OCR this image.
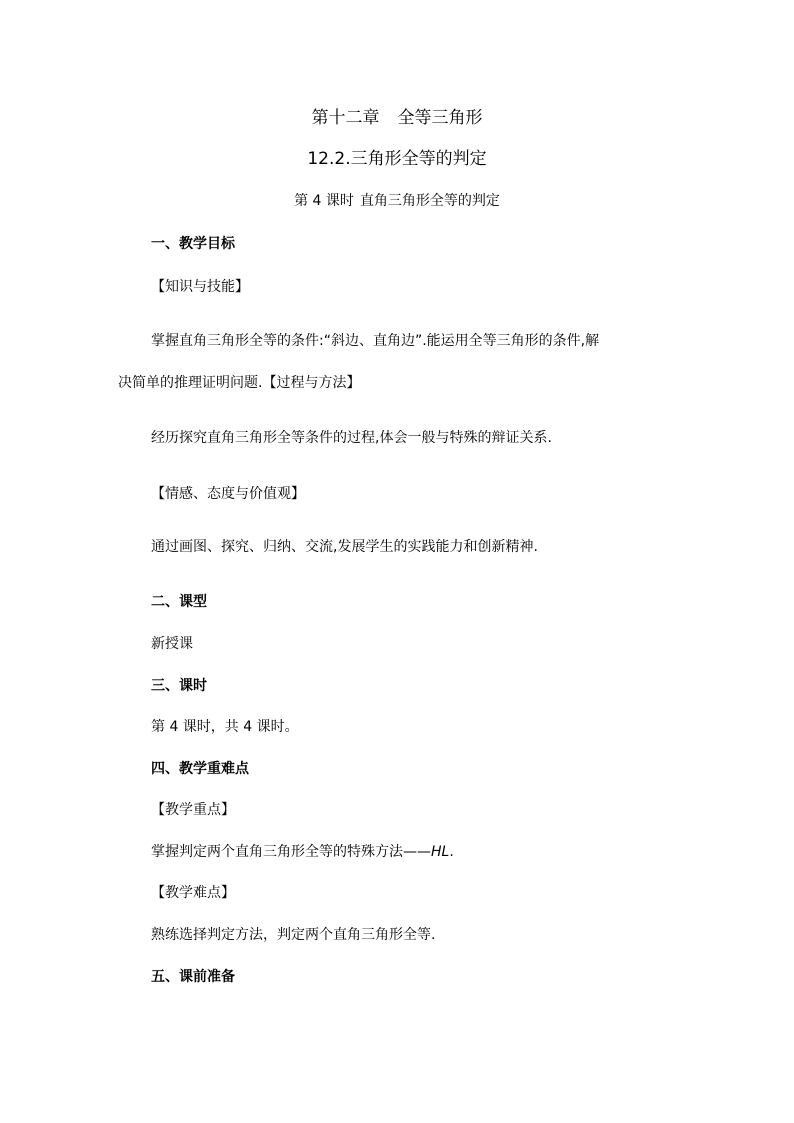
第十二章 全等三角形
12.2.三角形全等的判定
第 4 课时 直角三角形全等的判定
一、教学目标
【知识与技能】
掌握直角三角形全等的条件:“斜边、直角边”.能运用全等三角形的条件,解
决简单的推理证明问题.【过程与方法】
经历探究直角三角形全等条件的过程,体会一般与特殊的辩证关系.
【情感、态度与价值观】
通过画图、探究、归纳、交流,发展学生的实践能力和创新精神.
二、课型
新授课
三、课时
第 4 课时，共 4 课时。
四、教学重难点
【教学重点】
掌握判定两个直角三角形全等的特殊方法——HL.
【教学难点】
熟练选择判定方法，判定两个直角三角形全等.
五、课前准备
